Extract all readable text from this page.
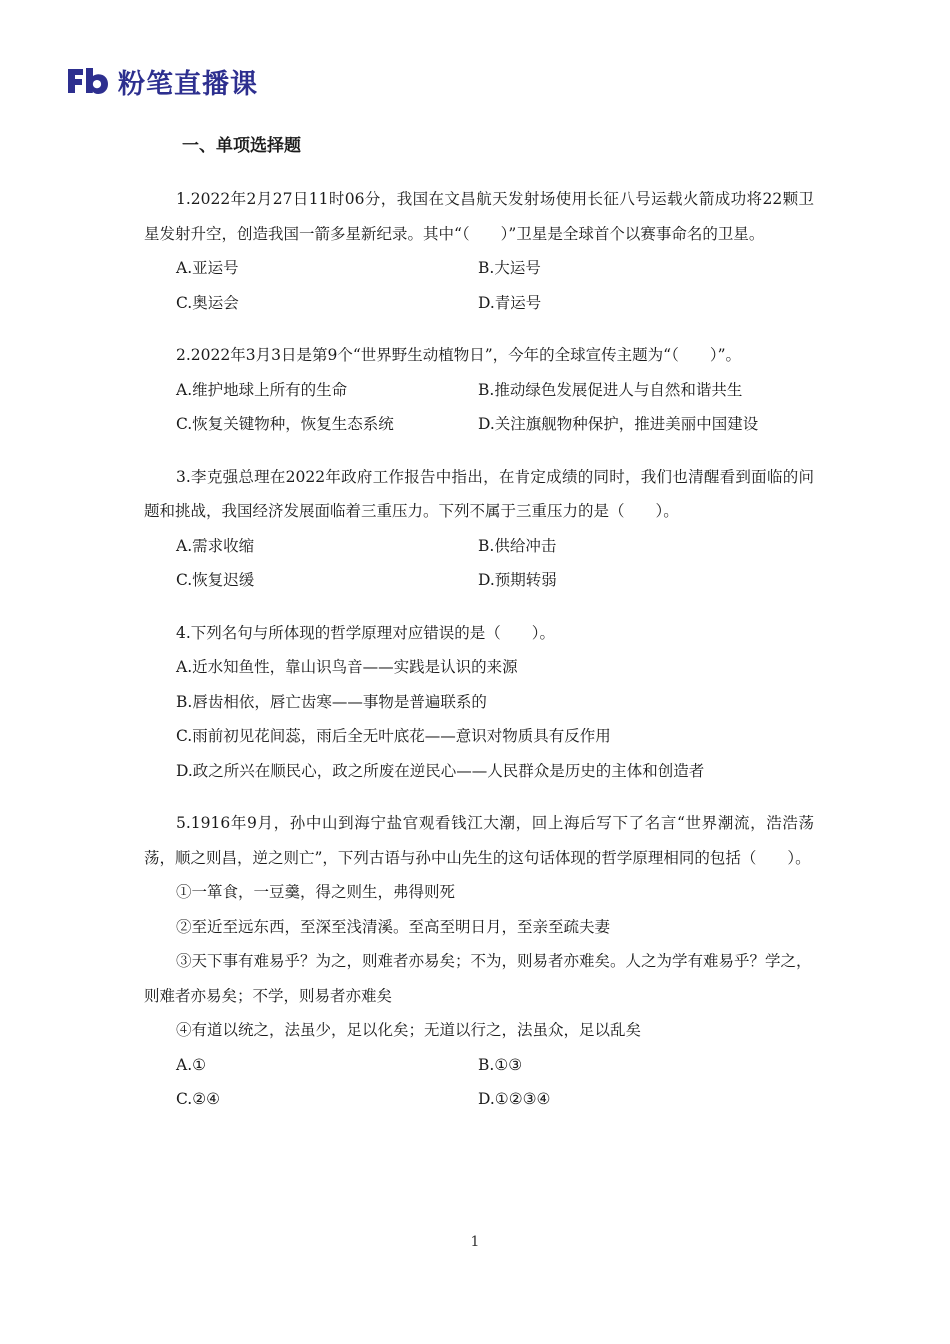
粉笔直播课
一、单项选择题

1.2022年2月27日11时06分，我国在文昌航天发射场使用长征八号运载火箭成功将22颗卫星发射升空，创造我国一箭多星新纪录。其中“（　　）”卫星是全球首个以赛事命名的卫星。

A.亚运号	B.大运号
C.奥运会	D.青运号

2.2022年3月3日是第9个“世界野生动植物日”，今年的全球宣传主题为“（　　）”。

A.维护地球上所有的生命	B.推动绿色发展促进人与自然和谐共生
C.恢复关键物种，恢复生态系统	D.关注旗舰物种保护，推进美丽中国建设

3.李克强总理在2022年政府工作报告中指出，在肯定成绩的同时，我们也清醒看到面临的问题和挑战，我国经济发展面临着三重压力。下列不属于三重压力的是（　　）。

A.需求收缩	B.供给冲击
C.恢复迟缓	D.预期转弱

4.下列名句与所体现的哲学原理对应错误的是（　　）。

A.近水知鱼性，靠山识鸟音——实践是认识的来源
B.唇齿相依，唇亡齿寒——事物是普遍联系的
C.雨前初见花间蕊，雨后全无叶底花——意识对物质具有反作用
D.政之所兴在顺民心，政之所废在逆民心——人民群众是历史的主体和创造者

5.1916年9月，孙中山到海宁盐官观看钱江大潮，回上海后写下了名言“世界潮流，浩浩荡荡，顺之则昌，逆之则亡”，下列古语与孙中山先生的这句话体现的哲学原理相同的包括（　　）。

①一箪食，一豆羹，得之则生，弗得则死

②至近至远东西，至深至浅清溪。至高至明日月，至亲至疏夫妻

③天下事有难易乎？为之，则难者亦易矣；不为，则易者亦难矣。人之为学有难易乎？学之，则难者亦易矣；不学，则易者亦难矣

④有道以统之，法虽少，足以化矣；无道以行之，法虽众，足以乱矣

A.①	B.①③
C.②④	D.①②③④
1
